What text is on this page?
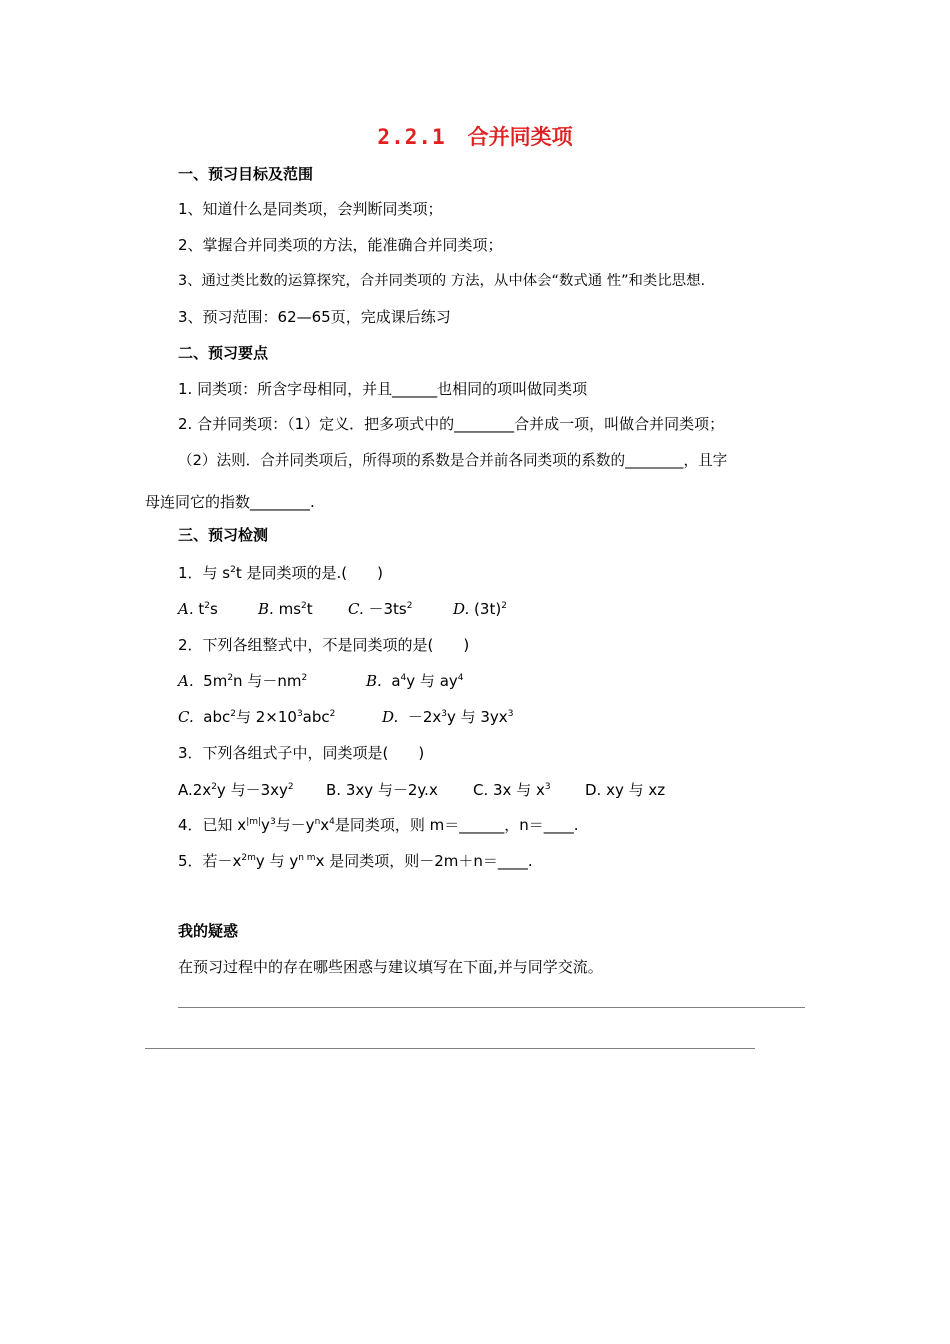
2.2.1 合并同类项
一、预习目标及范围
1、知道什么是同类项，会判断同类项；
2、掌握合并同类项的方法，能准确合并同类项；
3、通过类比数的运算探究，合并同类项的 方法，从中体会“数式通 性”和类比思想.
3、预习范围：62—65页，完成课后练习
二、预习要点
1. 同类项：所含字母相同，并且______也相同的项叫做同类项
2. 合并同类项：（1）定义．把多项式中的________合并成一项，叫做合并同类项；
（2）法则．合并同类项后，所得项的系数是合并前各同类项的系数的________，且字
母连同它的指数________.
三、预习检测
1．与 $s^2t$ 是同类项的是.(　　)
A. $t^2s$	B. $ms^2t$ C. $-3ts^2$	D. $(3t)^2$
2．下列各组整式中，不是同类项的是(　　)
A. $5m^2n$ 与$-nm^2$	B. $a^4y$ 与 $ay^4$
C. abc$^2$与 $2\times 10^3abc^2$	D. $-2x^3y$ 与 $3yx^3$
3．下列各组式子中，同类项是(　　)
$A.2x^2y$ 与$-3xy^2$ B. 3xy 与－2y.x C. 3x 与 $x^3$ D. xy 与 xz
4．已知 $x^{|m|}y^3$与$-y^nx^4$是同类项，则 m＝______，n＝____.
5．若$-x^{2m}y$ 与 $y^{n m}x$ 是同类项，则－2m＋n＝____.
我的疑惑
在预习过程中的存在哪些困惑与建议填写在下面,并与同学交流。
